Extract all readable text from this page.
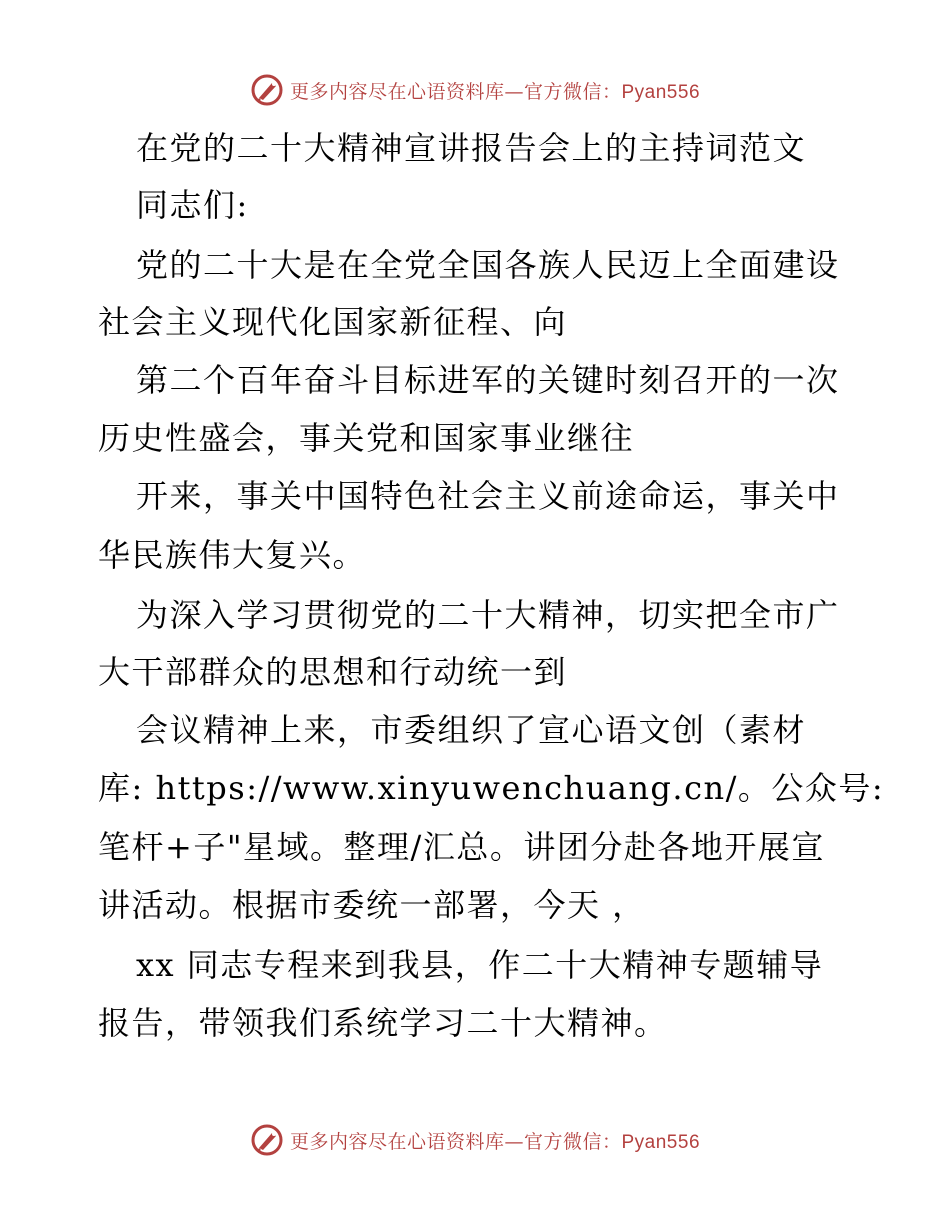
更多内容尽在心语资料库—官方微信：Pyan556
在党的二十大精神宣讲报告会上的主持词范文
同志们:
党的二十大是在全党全国各族人民迈上全面建设
社会主义现代化国家新征程、向
第二个百年奋斗目标进军的关键时刻召开的一次
历史性盛会，事关党和国家事业继往
开来，事关中国特色社会主义前途命运，事关中
华民族伟大复兴。
为深入学习贯彻党的二十大精神，切实把全市广
大干部群众的思想和行动统一到
会议精神上来，市委组织了宣心语文创（素材
库: https://www.xinyuwenchuang.cn/。公众号:
笔杆+子"星域。整理/汇总。讲团分赴各地开展宣
讲活动。根据市委统一部署，今天 ，
xx 同志专程来到我县，作二十大精神专题辅导
报告，带领我们系统学习二十大精神。
更多内容尽在心语资料库—官方微信：Pyan556
